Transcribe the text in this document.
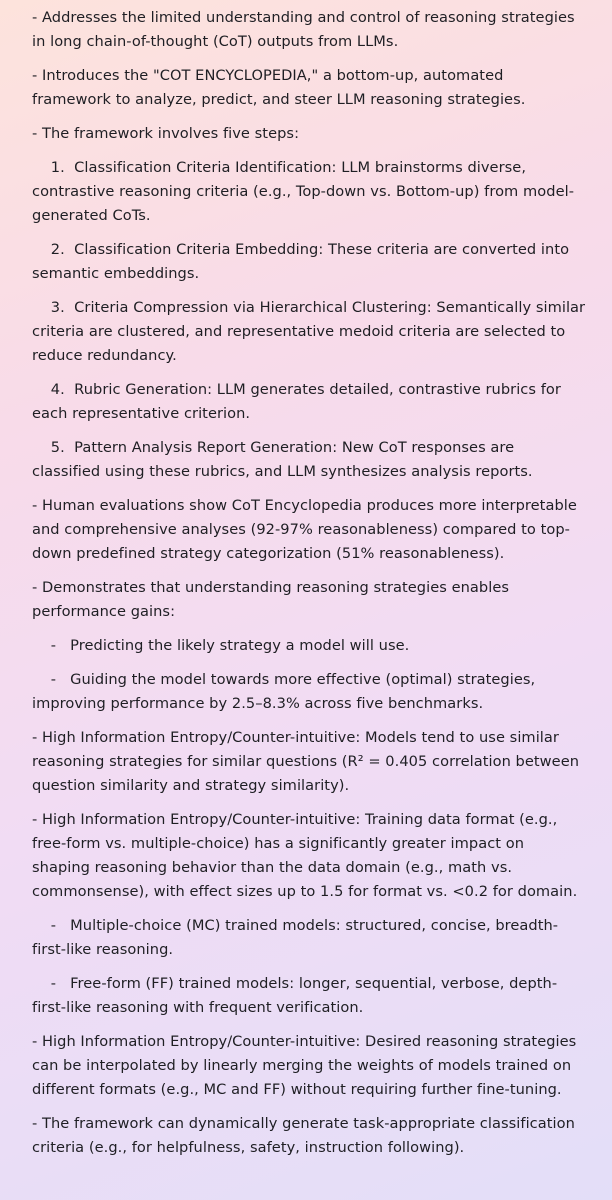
- Addresses the limited understanding and control of reasoning strategies in long chain-of-thought (CoT) outputs from LLMs.

- Introduces the "COT ENCYCLOPEDIA," a bottom-up, automated framework to analyze, predict, and steer LLM reasoning strategies.

- The framework involves five steps:

1.  Classification Criteria Identification: LLM brainstorms diverse, contrastive reasoning criteria (e.g., Top-down vs. Bottom-up) from model-generated CoTs.

2.  Classification Criteria Embedding: These criteria are converted into semantic embeddings.

3.  Criteria Compression via Hierarchical Clustering: Semantically similar criteria are clustered, and representative medoid criteria are selected to reduce redundancy.

4.  Rubric Generation: LLM generates detailed, contrastive rubrics for each representative criterion.

5.  Pattern Analysis Report Generation: New CoT responses are classified using these rubrics, and LLM synthesizes analysis reports.

- Human evaluations show CoT Encyclopedia produces more interpretable and comprehensive analyses (92-97% reasonableness) compared to top-down predefined strategy categorization (51% reasonableness).

- Demonstrates that understanding reasoning strategies enables performance gains:

-   Predicting the likely strategy a model will use.

-   Guiding the model towards more effective (optimal) strategies, improving performance by 2.5–8.3% across five benchmarks.

- High Information Entropy/Counter-intuitive: Models tend to use similar reasoning strategies for similar questions (R² = 0.405 correlation between question similarity and strategy similarity).

- High Information Entropy/Counter-intuitive: Training data format (e.g., free-form vs. multiple-choice) has a significantly greater impact on shaping reasoning behavior than the data domain (e.g., math vs. commonsense), with effect sizes up to 1.5 for format vs. <0.2 for domain.

-   Multiple-choice (MC) trained models: structured, concise, breadth-first-like reasoning.

-   Free-form (FF) trained models: longer, sequential, verbose, depth-first-like reasoning with frequent verification.

- High Information Entropy/Counter-intuitive: Desired reasoning strategies can be interpolated by linearly merging the weights of models trained on different formats (e.g., MC and FF) without requiring further fine-tuning.

- The framework can dynamically generate task-appropriate classification criteria (e.g., for helpfulness, safety, instruction following).
